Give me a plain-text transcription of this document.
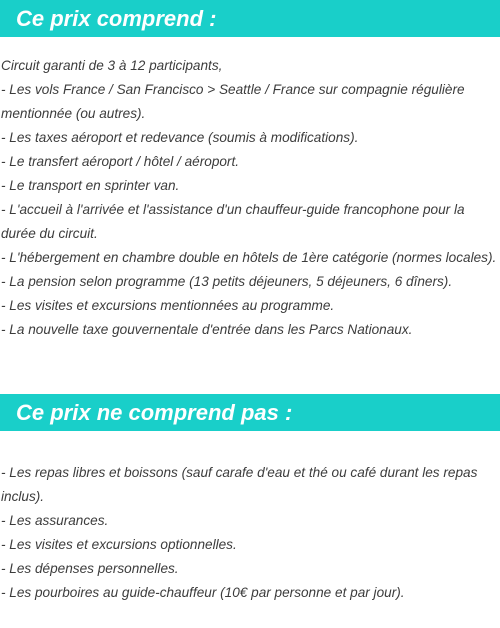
Ce prix comprend :
Circuit garanti de 3 à 12 participants,
- Les vols France / San Francisco > Seattle / France sur compagnie régulière mentionnée (ou autres).
- Les taxes aéroport et redevance (soumis à modifications).
- Le transfert aéroport / hôtel / aéroport.
- Le transport en sprinter van.
- L'accueil à l'arrivée et l'assistance d'un chauffeur-guide francophone pour la durée du circuit.
- L'hébergement en chambre double en hôtels de 1ère catégorie (normes locales).
- La pension selon programme (13 petits déjeuners, 5 déjeuners, 6 dîners).
- Les visites et excursions mentionnées au programme.
- La nouvelle taxe gouvernentale d'entrée dans les Parcs Nationaux.
Ce prix ne comprend pas :
- Les repas libres et boissons (sauf carafe d'eau et thé ou café durant les repas inclus).
- Les assurances.
- Les visites et excursions optionnelles.
- Les dépenses personnelles.
- Les pourboires au guide-chauffeur (10€ par personne et par jour).
